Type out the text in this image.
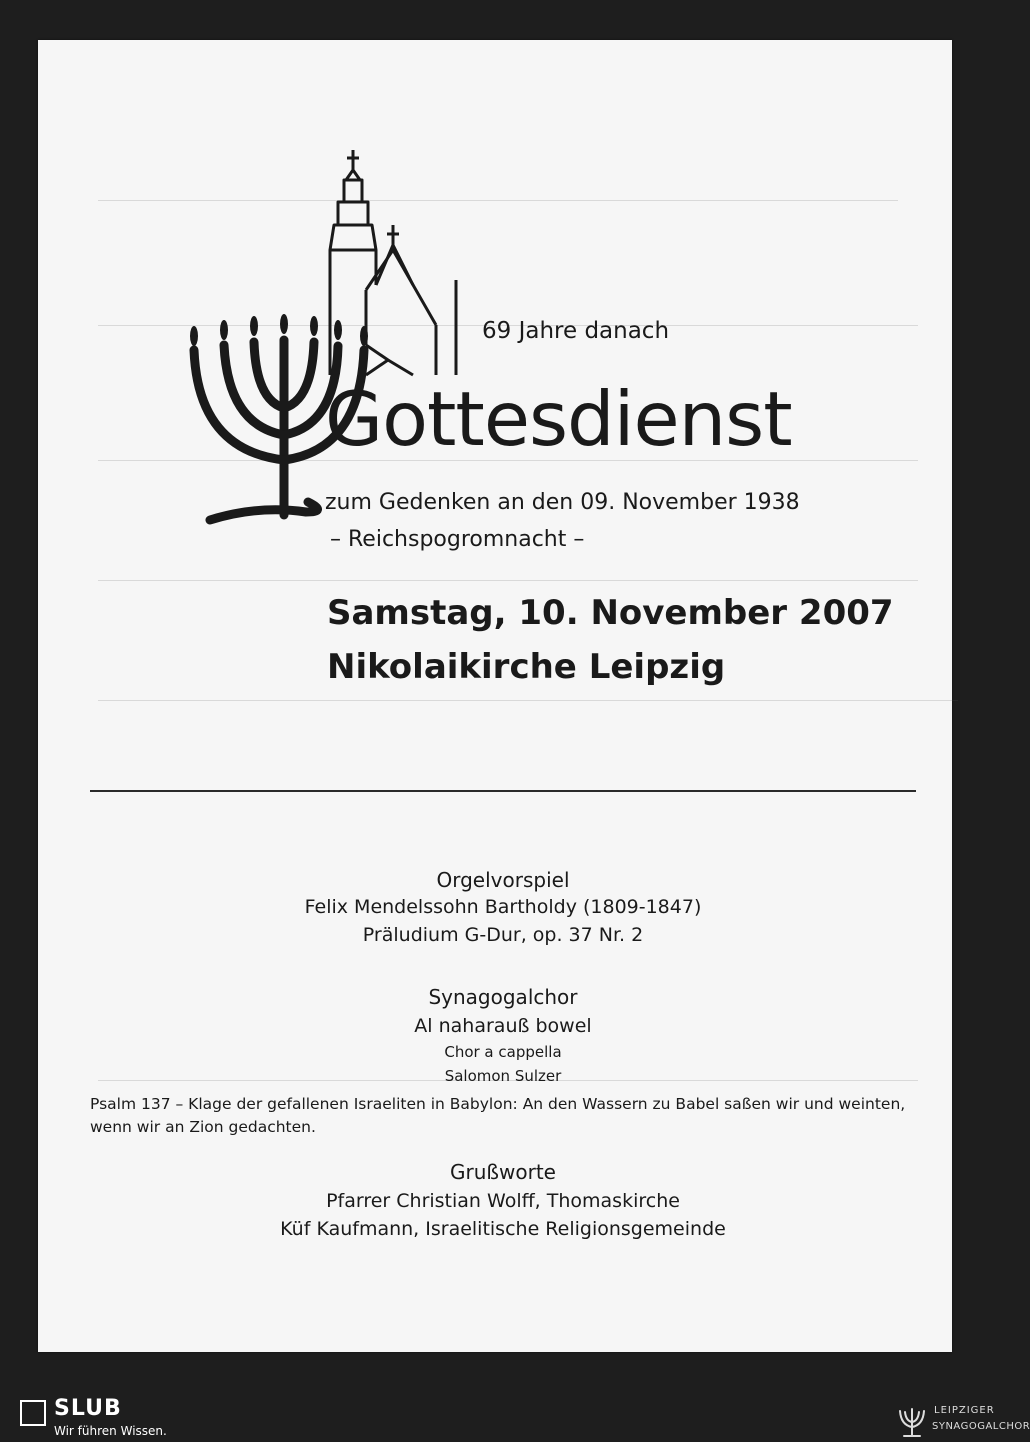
69 Jahre danach
Gottesdienst
zum Gedenken an den 09. November 1938
– Reichspogromnacht –
Samstag, 10. November 2007
Nikolaikirche Leipzig
Orgelvorspiel
Felix Mendelssohn Bartholdy (1809-1847)
Präludium G-Dur, op. 37 Nr. 2
Synagogalchor
Al naharauß bowel
Chor a cappella
Salomon Sulzer
Psalm 137 – Klage der gefallenen Israeliten in Babylon: An den Wassern zu Babel saßen wir und weinten, wenn wir an Zion gedachten.
Grußworte
Pfarrer Christian Wolff, Thomaskirche
Küf Kaufmann, Israelitische Religionsgemeinde
SLUB
Wir führen Wissen.
LEIPZIGER
SYNAGOGALCHOR
